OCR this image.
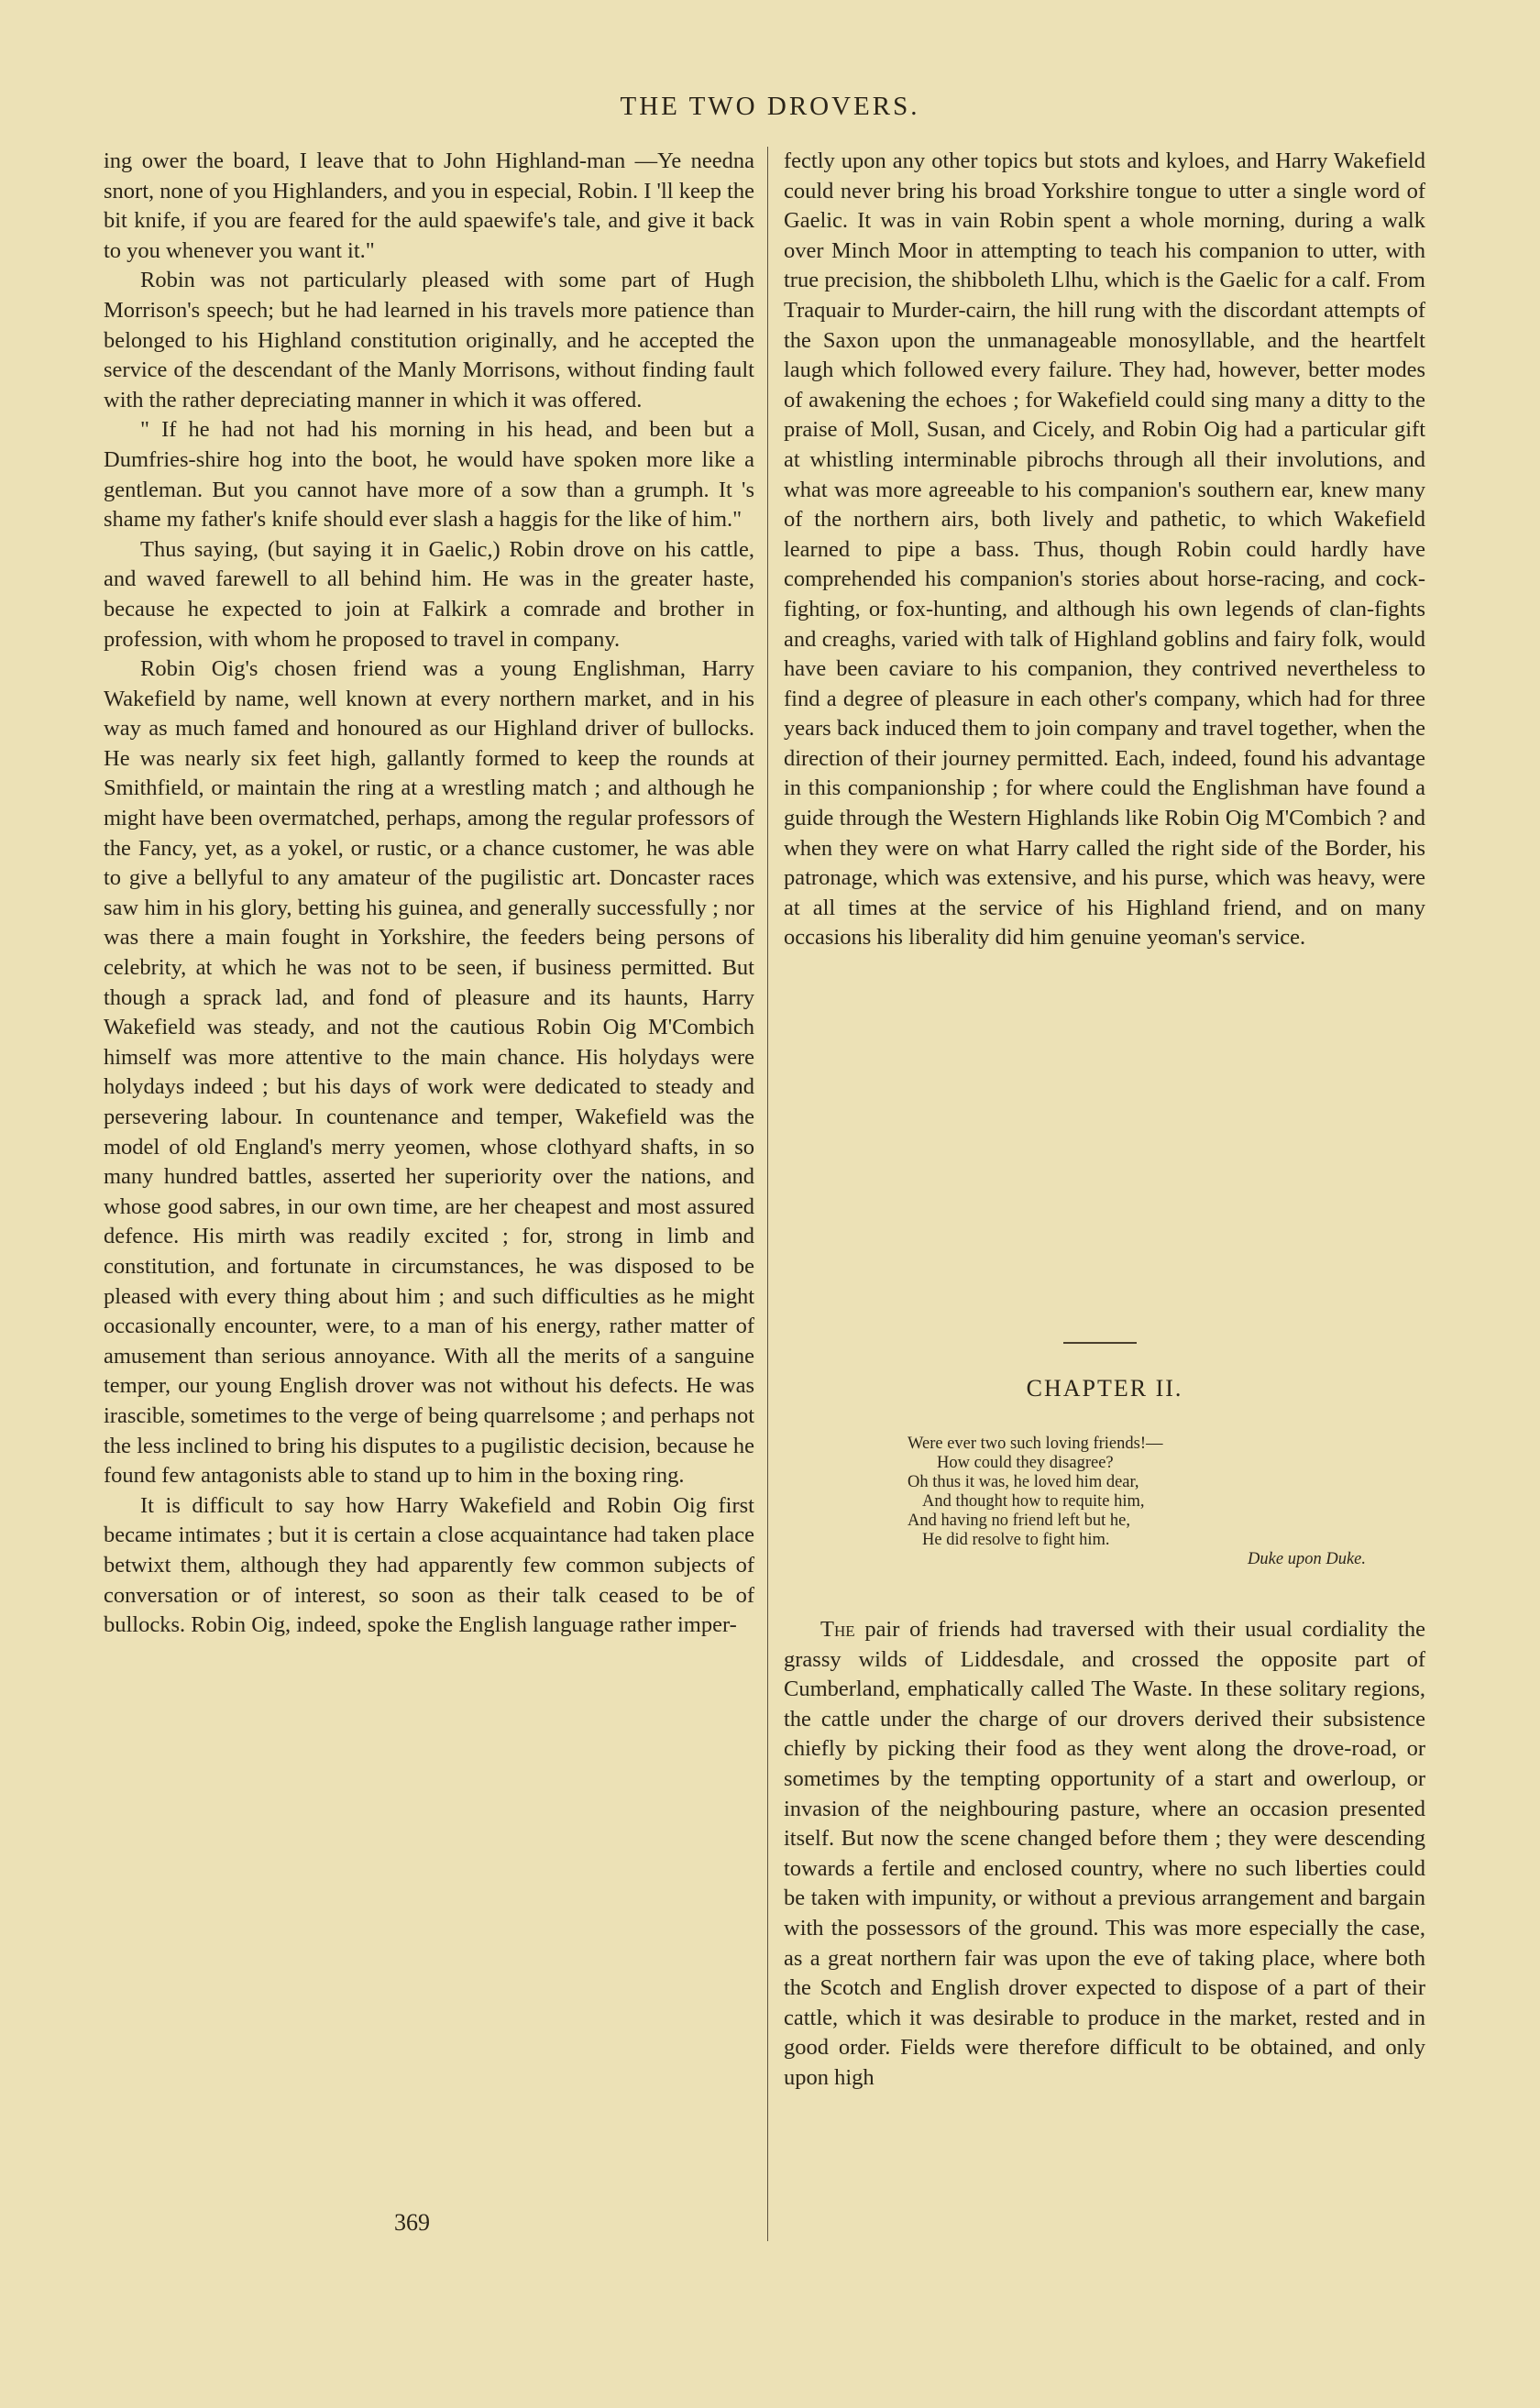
THE TWO DROVERS.

ing ower the board, I leave that to John Highland-man —Ye needna snort, none of you Highlanders, and you in especial, Robin. I 'll keep the bit knife, if you are feared for the auld spaewife's tale, and give it back to you whenever you want it."

Robin was not particularly pleased with some part of Hugh Morrison's speech; but he had learned in his travels more patience than belonged to his Highland constitution originally, and he accepted the service of the descendant of the Manly Morrisons, without finding fault with the rather depreciating manner in which it was offered.

" If he had not had his morning in his head, and been but a Dumfries-shire hog into the boot, he would have spoken more like a gentleman. But you cannot have more of a sow than a grumph. It 's shame my father's knife should ever slash a haggis for the like of him."

Thus saying, (but saying it in Gaelic,) Robin drove on his cattle, and waved farewell to all behind him. He was in the greater haste, because he expected to join at Falkirk a comrade and brother in profession, with whom he proposed to travel in company.

Robin Oig's chosen friend was a young Englishman, Harry Wakefield by name, well known at every northern market, and in his way as much famed and honoured as our Highland driver of bullocks. He was nearly six feet high, gallantly formed to keep the rounds at Smithfield, or maintain the ring at a wrestling match ; and although he might have been overmatched, perhaps, among the regular professors of the Fancy, yet, as a yokel, or rustic, or a chance customer, he was able to give a bellyful to any amateur of the pugilistic art. Doncaster races saw him in his glory, betting his guinea, and generally successfully ; nor was there a main fought in Yorkshire, the feeders being persons of celebrity, at which he was not to be seen, if business permitted. But though a sprack lad, and fond of pleasure and its haunts, Harry Wakefield was steady, and not the cautious Robin Oig M'Combich himself was more attentive to the main chance. His holydays were holydays indeed ; but his days of work were dedicated to steady and persevering labour. In countenance and temper, Wakefield was the model of old England's merry yeomen, whose clothyard shafts, in so many hundred battles, asserted her superiority over the nations, and whose good sabres, in our own time, are her cheapest and most assured defence. His mirth was readily excited ; for, strong in limb and constitution, and fortunate in circumstances, he was disposed to be pleased with every thing about him ; and such difficulties as he might occasionally encounter, were, to a man of his energy, rather matter of amusement than serious annoyance. With all the merits of a sanguine temper, our young English drover was not without his defects. He was irascible, sometimes to the verge of being quarrelsome ; and perhaps not the less inclined to bring his disputes to a pugilistic decision, because he found few antagonists able to stand up to him in the boxing ring.

It is difficult to say how Harry Wakefield and Robin Oig first became intimates ; but it is certain a close acquaintance had taken place betwixt them, although they had apparently few common subjects of conversation or of interest, so soon as their talk ceased to be of bullocks. Robin Oig, indeed, spoke the English language rather imper-

fectly upon any other topics but stots and kyloes, and Harry Wakefield could never bring his broad Yorkshire tongue to utter a single word of Gaelic. It was in vain Robin spent a whole morning, during a walk over Minch Moor in attempting to teach his companion to utter, with true precision, the shibboleth Llhu, which is the Gaelic for a calf. From Traquair to Murder-cairn, the hill rung with the discordant attempts of the Saxon upon the unmanageable monosyllable, and the heartfelt laugh which followed every failure. They had, however, better modes of awakening the echoes ; for Wakefield could sing many a ditty to the praise of Moll, Susan, and Cicely, and Robin Oig had a particular gift at whistling interminable pibrochs through all their involutions, and what was more agreeable to his companion's southern ear, knew many of the northern airs, both lively and pathetic, to which Wakefield learned to pipe a bass. Thus, though Robin could hardly have comprehended his companion's stories about horse-racing, and cock-fighting, or fox-hunting, and although his own legends of clan-fights and creaghs, varied with talk of Highland goblins and fairy folk, would have been caviare to his companion, they contrived nevertheless to find a degree of pleasure in each other's company, which had for three years back induced them to join company and travel together, when the direction of their journey permitted. Each, indeed, found his advantage in this companionship ; for where could the Englishman have found a guide through the Western Highlands like Robin Oig M'Combich ? and when they were on what Harry called the right side of the Border, his patronage, which was extensive, and his purse, which was heavy, were at all times at the service of his Highland friend, and on many occasions his liberality did him genuine yeoman's service.

CHAPTER II.
Were ever two such loving friends!—
How could they disagree?
Oh thus it was, he loved him dear,
And thought how to requite him,
And having no friend left but he,
He did resolve to fight him.
Duke upon Duke.

The pair of friends had traversed with their usual cordiality the grassy wilds of Liddesdale, and crossed the opposite part of Cumberland, emphatically called The Waste. In these solitary regions, the cattle under the charge of our drovers derived their subsistence chiefly by picking their food as they went along the drove-road, or sometimes by the tempting opportunity of a start and owerloup, or invasion of the neighbouring pasture, where an occasion presented itself. But now the scene changed before them ; they were descending towards a fertile and enclosed country, where no such liberties could be taken with impunity, or without a previous arrangement and bargain with the possessors of the ground. This was more especially the case, as a great northern fair was upon the eve of taking place, where both the Scotch and English drover expected to dispose of a part of their cattle, which it was desirable to produce in the market, rested and in good order. Fields were therefore difficult to be obtained, and only upon high

369
